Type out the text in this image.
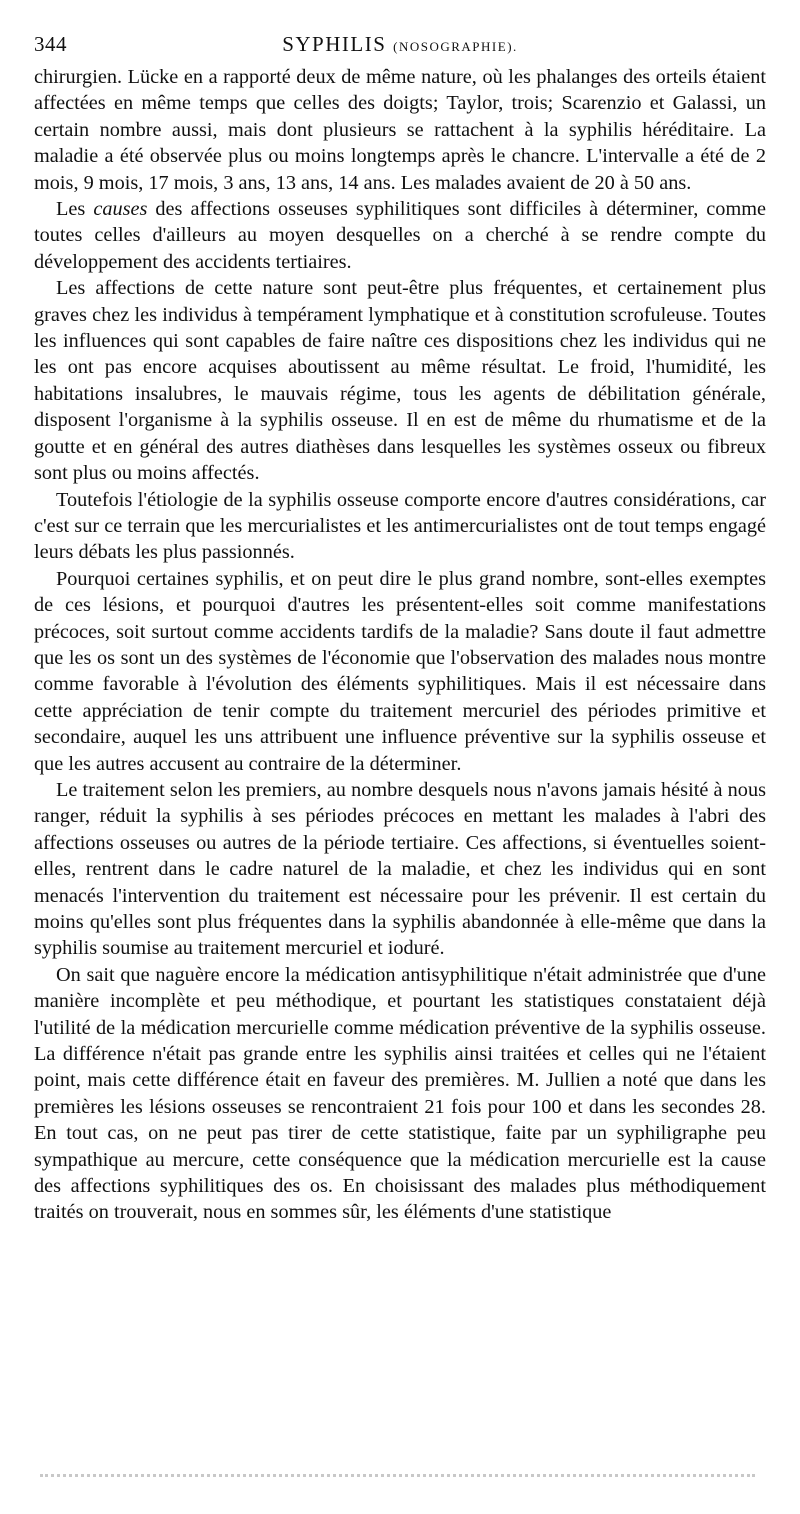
344	SYPHILIS (NOSOGRAPHIE).

chirurgien. Lücke en a rapporté deux de même nature, où les phalanges des orteils étaient affectées en même temps que celles des doigts; Taylor, trois; Scarenzio et Galassi, un certain nombre aussi, mais dont plusieurs se rattachent à la syphilis héréditaire. La maladie a été observée plus ou moins longtemps après le chancre. L'intervalle a été de 2 mois, 9 mois, 17 mois, 3 ans, 13 ans, 14 ans. Les malades avaient de 20 à 50 ans.

Les causes des affections osseuses syphilitiques sont difficiles à déterminer, comme toutes celles d'ailleurs au moyen desquelles on a cherché à se rendre compte du développement des accidents tertiaires.

Les affections de cette nature sont peut-être plus fréquentes, et certainement plus graves chez les individus à tempérament lymphatique et à constitution scrofuleuse. Toutes les influences qui sont capables de faire naître ces dispositions chez les individus qui ne les ont pas encore acquises aboutissent au même résultat. Le froid, l'humidité, les habitations insalubres, le mauvais régime, tous les agents de débilitation générale, disposent l'organisme à la syphilis osseuse. Il en est de même du rhumatisme et de la goutte et en général des autres diathèses dans lesquelles les systèmes osseux ou fibreux sont plus ou moins affectés.

Toutefois l'étiologie de la syphilis osseuse comporte encore d'autres considérations, car c'est sur ce terrain que les mercurialistes et les antimercurialistes ont de tout temps engagé leurs débats les plus passionnés.

Pourquoi certaines syphilis, et on peut dire le plus grand nombre, sont-elles exemptes de ces lésions, et pourquoi d'autres les présentent-elles soit comme manifestations précoces, soit surtout comme accidents tardifs de la maladie? Sans doute il faut admettre que les os sont un des systèmes de l'économie que l'observation des malades nous montre comme favorable à l'évolution des éléments syphilitiques. Mais il est nécessaire dans cette appréciation de tenir compte du traitement mercuriel des périodes primitive et secondaire, auquel les uns attribuent une influence préventive sur la syphilis osseuse et que les autres accusent au contraire de la déterminer.

Le traitement selon les premiers, au nombre desquels nous n'avons jamais hésité à nous ranger, réduit la syphilis à ses périodes précoces en mettant les malades à l'abri des affections osseuses ou autres de la période tertiaire. Ces affections, si éventuelles soient-elles, rentrent dans le cadre naturel de la maladie, et chez les individus qui en sont menacés l'intervention du traitement est nécessaire pour les prévenir. Il est certain du moins qu'elles sont plus fréquentes dans la syphilis abandonnée à elle-même que dans la syphilis soumise au traitement mercuriel et ioduré.

On sait que naguère encore la médication antisyphilitique n'était administrée que d'une manière incomplète et peu méthodique, et pourtant les statistiques constataient déjà l'utilité de la médication mercurielle comme médication préventive de la syphilis osseuse. La différence n'était pas grande entre les syphilis ainsi traitées et celles qui ne l'étaient point, mais cette différence était en faveur des premières. M. Jullien a noté que dans les premières les lésions osseuses se rencontraient 21 fois pour 100 et dans les secondes 28. En tout cas, on ne peut pas tirer de cette statistique, faite par un syphiligraphe peu sympathique au mercure, cette conséquence que la médication mercurielle est la cause des affections syphilitiques des os. En choisissant des malades plus méthodiquement traités on trouverait, nous en sommes sûr, les éléments d'une statistique
